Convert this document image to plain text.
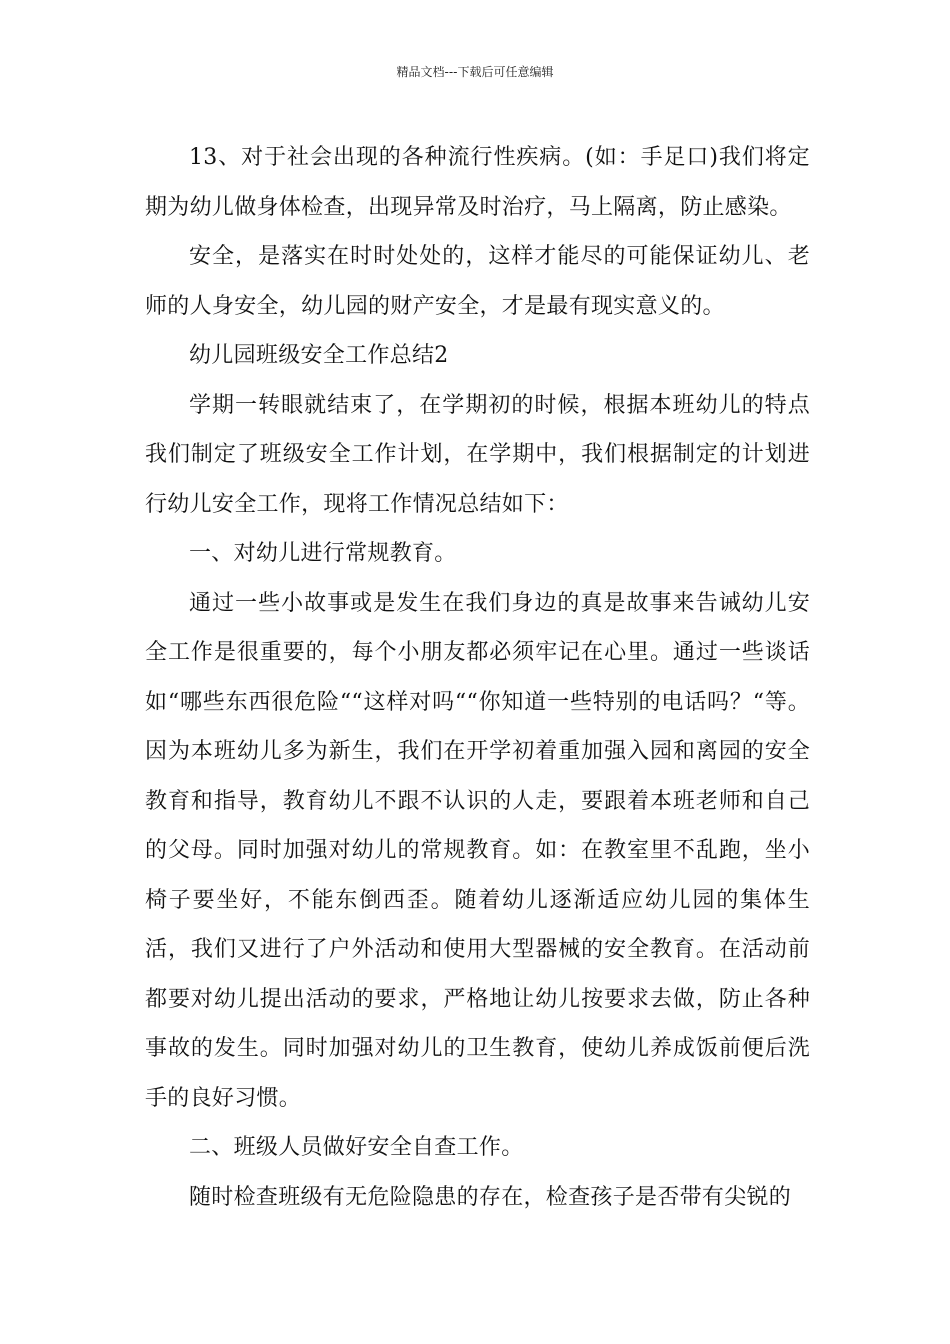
精品文档---下载后可任意编辑

13、对于社会出现的各种流行性疾病。(如：手足口)我们将定期为幼儿做身体检查，出现异常及时治疗，马上隔离，防止感染。

安全，是落实在时时处处的，这样才能尽的可能保证幼儿、老师的人身安全，幼儿园的财产安全，才是最有现实意义的。

幼儿园班级安全工作总结2

学期一转眼就结束了，在学期初的时候，根据本班幼儿的特点我们制定了班级安全工作计划，在学期中，我们根据制定的计划进行幼儿安全工作，现将工作情况总结如下：

一、对幼儿进行常规教育。

通过一些小故事或是发生在我们身边的真是故事来告诫幼儿安全工作是很重要的，每个小朋友都必须牢记在心里。通过一些谈话如“哪些东西很危险““这样对吗““你知道一些特别的电话吗？“等。因为本班幼儿多为新生，我们在开学初着重加强入园和离园的安全教育和指导，教育幼儿不跟不认识的人走，要跟着本班老师和自己的父母。同时加强对幼儿的常规教育。如：在教室里不乱跑，坐小椅子要坐好，不能东倒西歪。随着幼儿逐渐适应幼儿园的集体生活，我们又进行了户外活动和使用大型器械的安全教育。在活动前都要对幼儿提出活动的要求，严格地让幼儿按要求去做，防止各种事故的发生。同时加强对幼儿的卫生教育，使幼儿养成饭前便后洗手的良好习惯。

二、班级人员做好安全自查工作。

随时检查班级有无危险隐患的存在，检查孩子是否带有尖锐的
